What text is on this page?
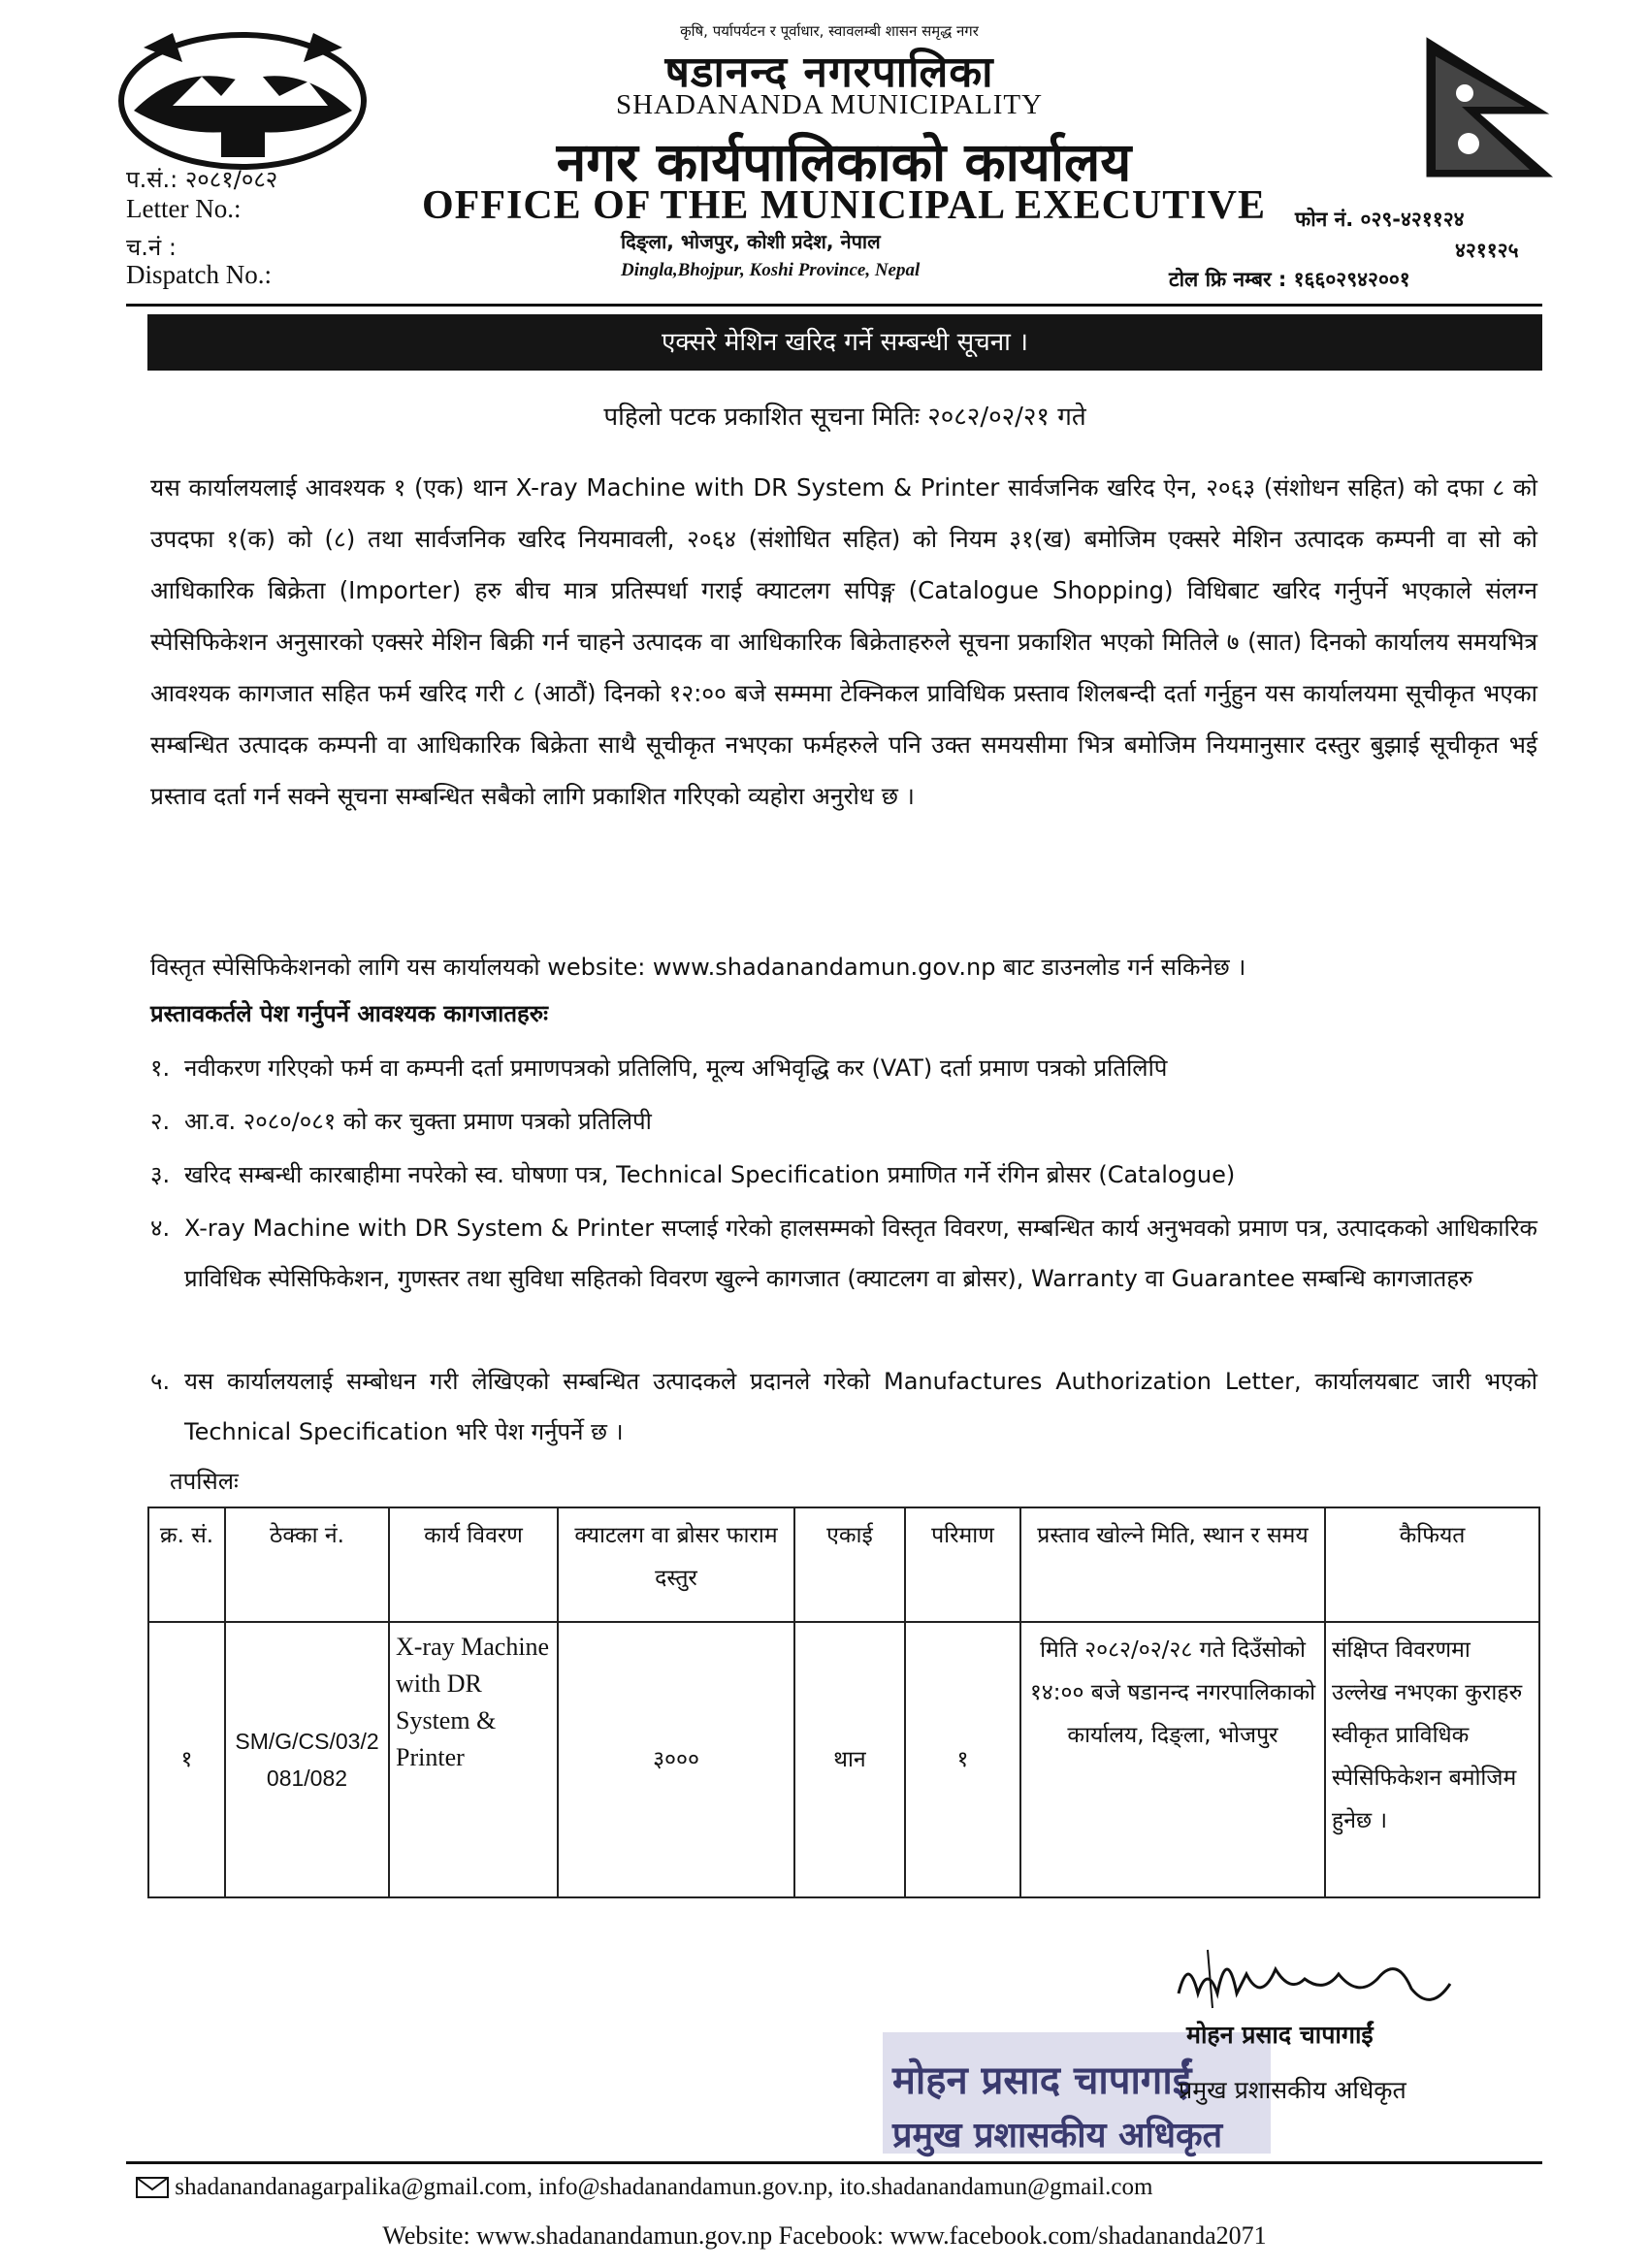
कृषि, पर्यापर्यटन र पूर्वाधार, स्वावलम्बी शासन समृद्ध नगर
षडानन्द नगरपालिका
SHADANANDA MUNICIPALITY
नगर कार्यपालिकाको कार्यालय
OFFICE OF THE MUNICIPAL EXECUTIVE
दिङ्ला, भोजपुर, कोशी प्रदेश, नेपाल
Dingla,Bhojpur, Koshi Province, Nepal
प.सं.: २०८१/०८२
Letter No.:
च.नं :
Dispatch No.:
फोन नं. ०२९-४२११२४
४२११२५
टोल फ्रि नम्बर : १६६०२९४२००१
एक्सरे मेशिन खरिद गर्ने सम्बन्धी सूचना ।
पहिलो पटक प्रकाशित सूचना मितिः २०८२/०२/२१ गते
यस कार्यालयलाई आवश्यक १ (एक) थान X-ray Machine with DR System & Printer सार्वजनिक खरिद ऐन, २०६३ (संशोधन सहित) को दफा ८ को उपदफा १(क) को (८) तथा सार्वजनिक खरिद नियमावली, २०६४ (संशोधित सहित) को नियम ३१(ख) बमोजिम एक्सरे मेशिन उत्पादक कम्पनी वा सो को आधिकारिक बिक्रेता (Importer) हरु बीच मात्र प्रतिस्पर्धा गराई क्याटलग सपिङ्ग (Catalogue Shopping) विधिबाट खरिद गर्नुपर्ने भएकाले संलग्न स्पेसिफिकेशन अनुसारको एक्सरे मेशिन बिक्री गर्न चाहने उत्पादक वा आधिकारिक बिक्रेताहरुले सूचना प्रकाशित भएको मितिले ७ (सात) दिनको कार्यालय समयभित्र आवश्यक कागजात सहित फर्म खरिद गरी ८ (आठौं) दिनको १२:०० बजे सम्ममा टेक्निकल प्राविधिक प्रस्ताव शिलबन्दी दर्ता गर्नुहुन यस कार्यालयमा सूचीकृत भएका सम्बन्धित उत्पादक कम्पनी वा आधिकारिक बिक्रेता साथै सूचीकृत नभएका फर्महरुले पनि उक्त समयसीमा भित्र बमोजिम नियमानुसार दस्तुर बुझाई सूचीकृत भई प्रस्ताव दर्ता गर्न सक्ने सूचना सम्बन्धित सबैको लागि प्रकाशित गरिएको व्यहोरा अनुरोध छ ।
विस्तृत स्पेसिफिकेशनको लागि यस कार्यालयको website: www.shadanandamun.gov.np बाट डाउनलोड गर्न सकिनेछ ।
प्रस्तावकर्तले पेश गर्नुपर्ने आवश्यक कागजातहरुः
१. नवीकरण गरिएको फर्म वा कम्पनी दर्ता प्रमाणपत्रको प्रतिलिपि, मूल्य अभिवृद्धि कर (VAT) दर्ता प्रमाण पत्रको प्रतिलिपि
२. आ.व. २०८०/०८१ को कर चुक्ता प्रमाण पत्रको प्रतिलिपी
३. खरिद सम्बन्धी कारबाहीमा नपरेको स्व. घोषणा पत्र, Technical Specification प्रमाणित गर्ने रंगिन ब्रोसर (Catalogue)
४. X-ray Machine with DR System & Printer सप्लाई गरेको हालसम्मको विस्तृत विवरण, सम्बन्धित कार्य अनुभवको प्रमाण पत्र, उत्पादकको आधिकारिक प्राविधिक स्पेसिफिकेशन, गुणस्तर तथा सुविधा सहितको विवरण खुल्ने कागजात (क्याटलग वा ब्रोसर), Warranty वा Guarantee सम्बन्धि कागजातहरु
५. यस कार्यालयलाई सम्बोधन गरी लेखिएको सम्बन्धित उत्पादकले प्रदानले गरेको Manufactures Authorization Letter, कार्यालयबाट जारी भएको Technical Specification भरि पेश गर्नुपर्ने छ ।
तपसिलः
क्र. सं.	ठेक्का नं.	कार्य विवरण	क्याटलग वा ब्रोसर फाराम दस्तुर	एकाई	परिमाण	प्रस्ताव खोल्ने मिति, स्थान र समय	कैफियत
१	SM/G/CS/03/2081/082	X-ray Machine with DR System & Printer	३०००	थान	१	मिति २०८२/०२/२८ गते दिउँसोको १४:०० बजे षडानन्द नगरपालिकाको कार्यालय, दिङ्ला, भोजपुर	संक्षिप्त विवरणमा उल्लेख नभएका कुराहरु स्वीकृत प्राविधिक स्पेसिफिकेशन बमोजिम हुनेछ ।
मोहन प्रसाद चापागाईं
प्रमुख प्रशासकीय अधिकृत
मोहन प्रसाद चापागाईं
प्रमुख प्रशासकीय अधिकृत
shadanandanagarpalika@gmail.com, info@shadanandamun.gov.np, ito.shadanandamun@gmail.com
Website: www.shadanandamun.gov.np Facebook: www.facebook.com/shadananda2071
